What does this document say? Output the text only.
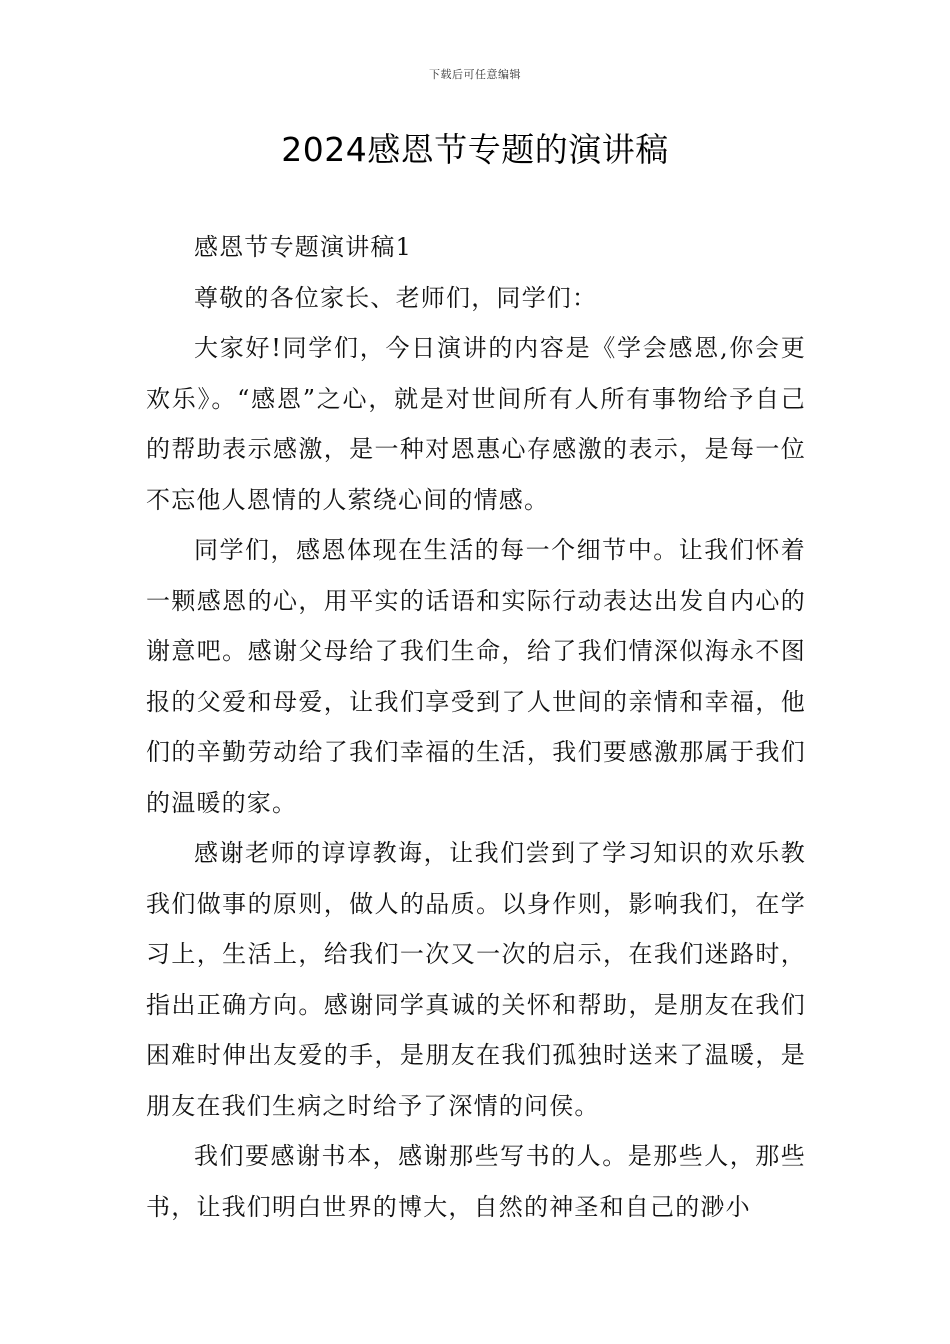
下载后可任意编辑
2024感恩节专题的演讲稿

感恩节专题演讲稿1

尊敬的各位家长、老师们，同学们：

大家好!同学们，今日演讲的内容是《学会感恩,你会更欢乐》。“感恩”之心，就是对世间所有人所有事物给予自己的帮助表示感激，是一种对恩惠心存感激的表示，是每一位不忘他人恩情的人萦绕心间的情感。

同学们，感恩体现在生活的每一个细节中。让我们怀着一颗感恩的心，用平实的话语和实际行动表达出发自内心的谢意吧。感谢父母给了我们生命，给了我们情深似海永不图报的父爱和母爱，让我们享受到了人世间的亲情和幸福，他们的辛勤劳动给了我们幸福的生活，我们要感激那属于我们的温暖的家。

感谢老师的谆谆教诲，让我们尝到了学习知识的欢乐教我们做事的原则，做人的品质。以身作则，影响我们，在学习上，生活上，给我们一次又一次的启示，在我们迷路时，指出正确方向。感谢同学真诚的关怀和帮助，是朋友在我们困难时伸出友爱的手，是朋友在我们孤独时送来了温暖，是朋友在我们生病之时给予了深情的问侯。

我们要感谢书本，感谢那些写书的人。是那些人，那些书，让我们明白世界的博大，自然的神圣和自己的渺小
